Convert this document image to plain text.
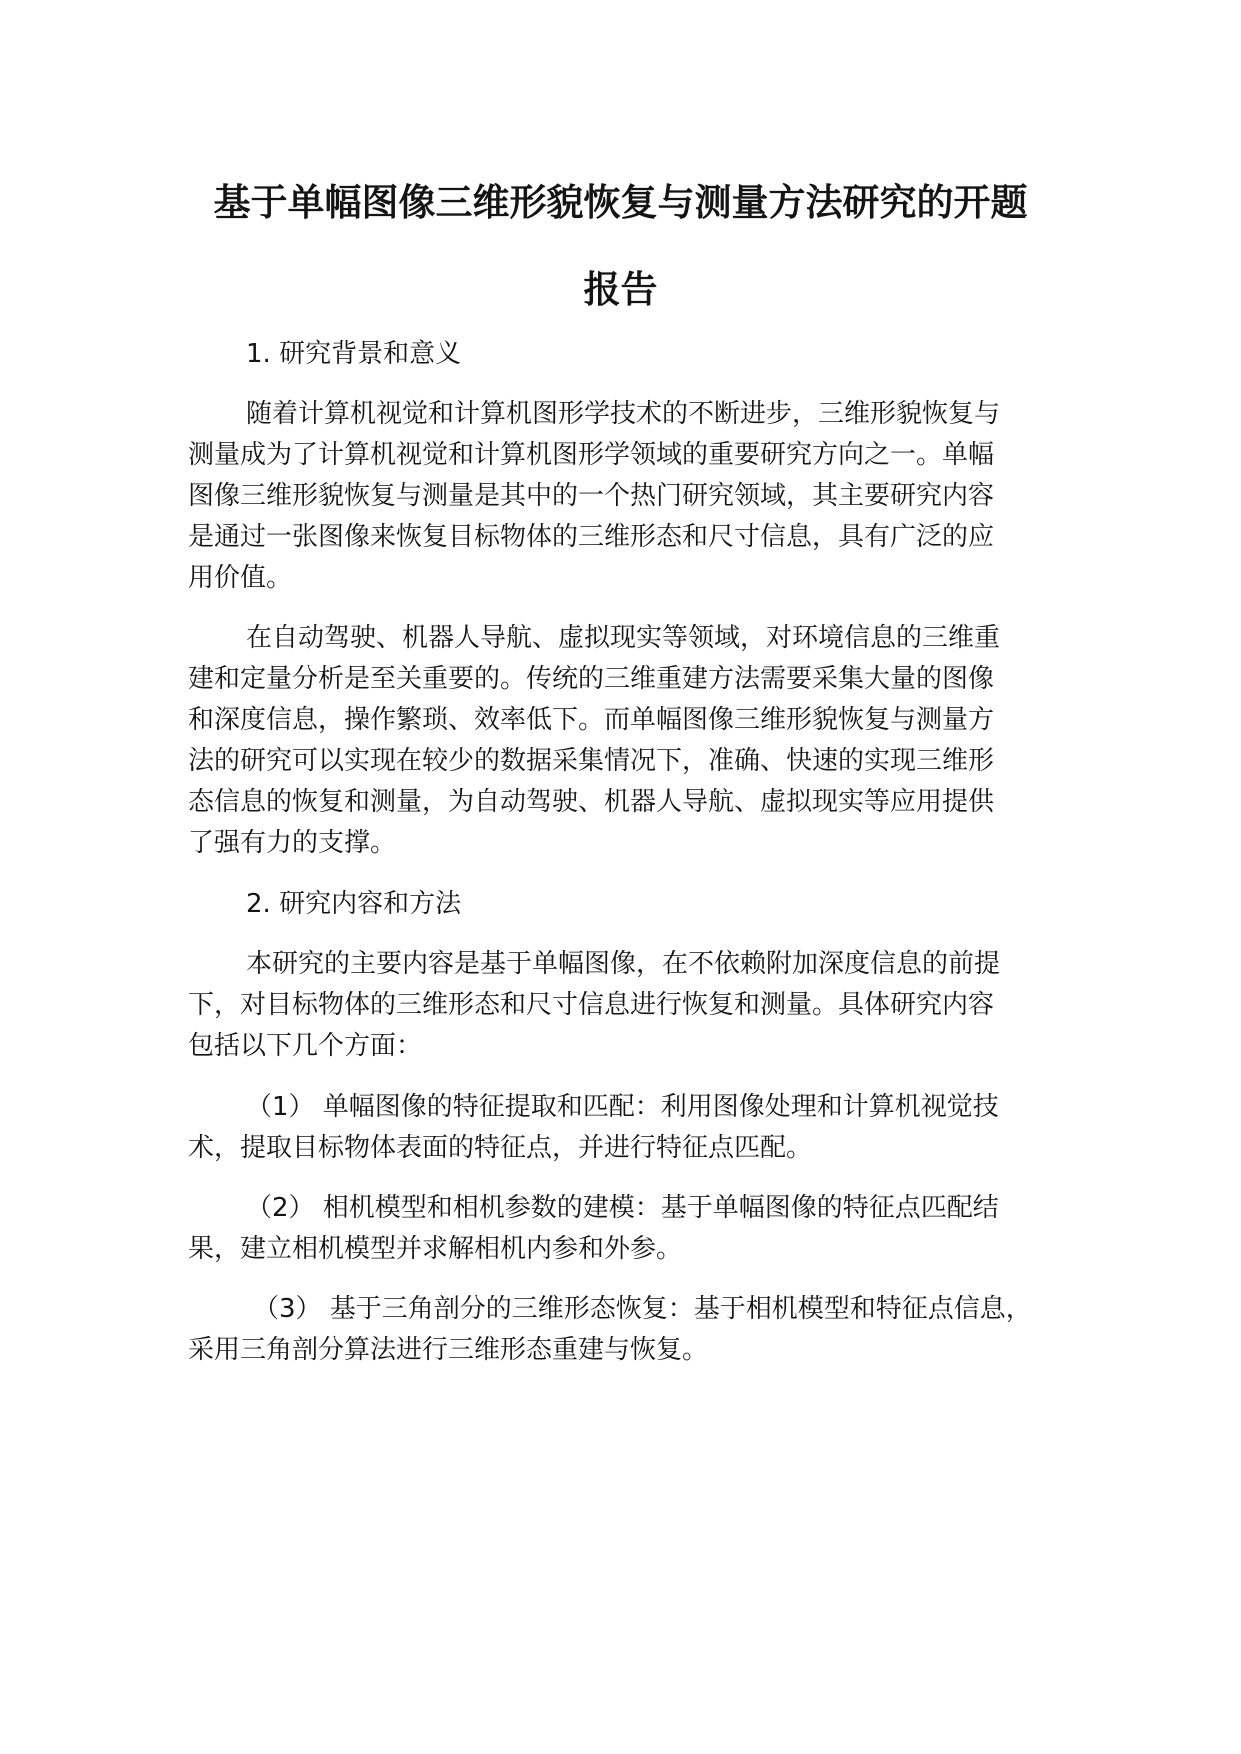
基于单幅图像三维形貌恢复与测量方法研究的开题
报告

1. 研究背景和意义

随着计算机视觉和计算机图形学技术的不断进步，三维形貌恢复与

测量成为了计算机视觉和计算机图形学领域的重要研究方向之一。单幅

图像三维形貌恢复与测量是其中的一个热门研究领域，其主要研究内容

是通过一张图像来恢复目标物体的三维形态和尺寸信息，具有广泛的应

用价值。

在自动驾驶、机器人导航、虚拟现实等领域，对环境信息的三维重

建和定量分析是至关重要的。传统的三维重建方法需要采集大量的图像

和深度信息，操作繁琐、效率低下。而单幅图像三维形貌恢复与测量方

法的研究可以实现在较少的数据采集情况下，准确、快速的实现三维形

态信息的恢复和测量，为自动驾驶、机器人导航、虚拟现实等应用提供

了强有力的支撑。

2. 研究内容和方法

本研究的主要内容是基于单幅图像，在不依赖附加深度信息的前提

下，对目标物体的三维形态和尺寸信息进行恢复和测量。具体研究内容

包括以下几个方面：

（1） 单幅图像的特征提取和匹配：利用图像处理和计算机视觉技

术，提取目标物体表面的特征点，并进行特征点匹配。

（2） 相机模型和相机参数的建模：基于单幅图像的特征点匹配结

果，建立相机模型并求解相机内参和外参。

（3） 基于三角剖分的三维形态恢复：基于相机模型和特征点信息，

采用三角剖分算法进行三维形态重建与恢复。
